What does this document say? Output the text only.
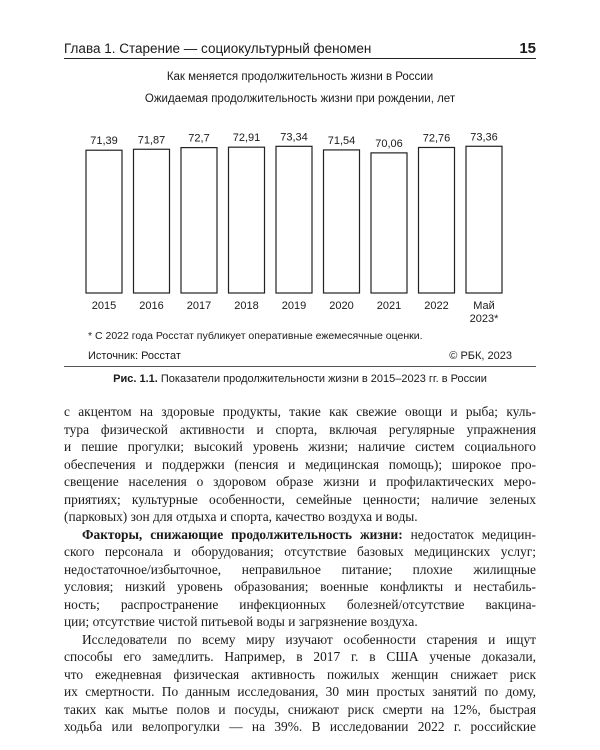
Глава 1. Старение — социокультурный феномен	15
Как меняется продолжительность жизни в России
Ожидаемая продолжительность жизни при рождении, лет
71,39
2015
71,87
2016
72,7
2017
72,91
2018
73,34
2019
71,54
2020
70,06
2021
72,76
2022
73,36
Май 2023*
* С 2022 года Росстат публикует оперативные ежемесячные оценки.
Источник: Росстат	© РБК, 2023
Рис. 1.1. Показатели продолжительности жизни в 2015–2023 гг. в России

с акцентом на здоровые продукты, такие как свежие овощи и рыба; куль-
тура физической активности и спорта, включая регулярные упражнения
и пешие прогулки; высокий уровень жизни; наличие систем социального
обеспечения и поддержки (пенсия и медицинская помощь); широкое про-
свещение населения о здоровом образе жизни и профилактических меро-
приятиях; культурные особенности, семейные ценности; наличие зеленых
(парковых) зон для отдыха и спорта, качество воздуха и воды.

Факторы, снижающие продолжительность жизни: недостаток медицин-
ского персонала и оборудования; отсутствие базовых медицинских услуг;
недостаточное/избыточное, неправильное питание; плохие жилищные
условия; низкий уровень образования; военные конфликты и нестабиль-
ность; распространение инфекционных болезней/отсутствие вакцина-
ции; отсутствие чистой питьевой воды и загрязнение воздуха.

Исследователи по всему миру изучают особенности старения и ищут
способы его замедлить. Например, в 2017 г. в США ученые доказали,
что ежедневная физическая активность пожилых женщин снижает риск
их смертности. По данным исследования, 30 мин простых занятий по дому,
таких как мытье полов и посуды, снижают риск смерти на 12%, быстрая
ходьба или велопрогулки — на 39%. В исследовании 2022 г. российские
